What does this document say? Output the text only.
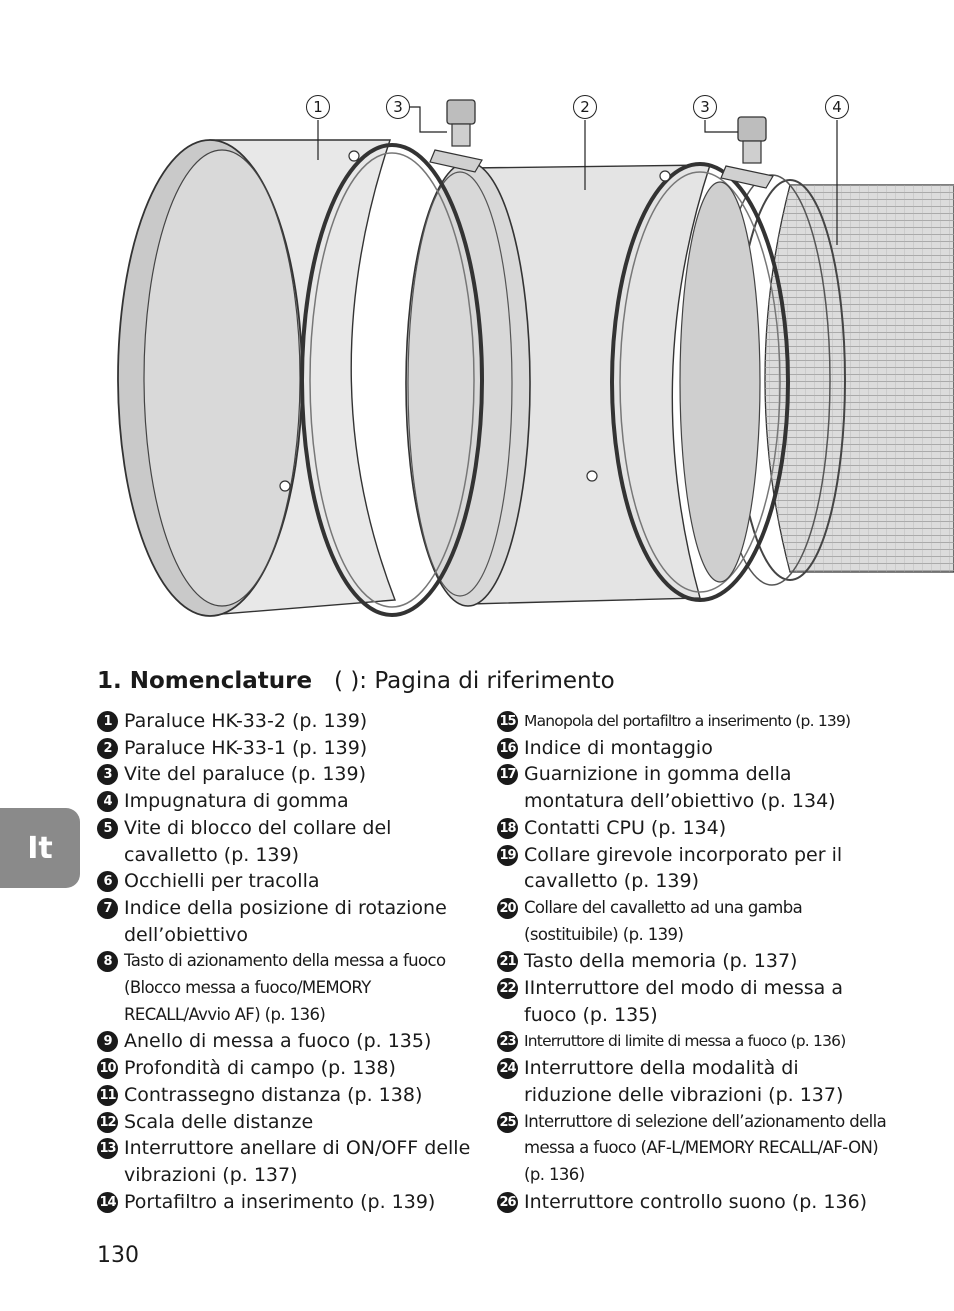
1	3	2	3	4
1. Nomenclature ( ): Pagina di riferimento
1 Paraluce HK-33-2 (p. 139)
2 Paraluce HK-33-1 (p. 139)
3 Vite del paraluce (p. 139)
4 Impugnatura di gomma
5 Vite di blocco del collare del cavalletto (p. 139)
6 Occhielli per tracolla
7 Indice della posizione di rotazione dell’obiettivo
8 Tasto di azionamento della messa a fuoco (Blocco messa a fuoco/MEMORY RECALL/Avvio AF) (p. 136)
9 Anello di messa a fuoco (p. 135)
10 Profondità di campo (p. 138)
11 Contrassegno distanza (p. 138)
12 Scala delle distanze
13 Interruttore anellare di ON/OFF delle vibrazioni (p. 137)
14 Portafiltro a inserimento (p. 139)
15 Manopola del portafiltro a inserimento (p. 139)
16 Indice di montaggio
17 Guarnizione in gomma della montatura dell’obiettivo (p. 134)
18 Contatti CPU (p. 134)
19 Collare girevole incorporato per il cavalletto (p. 139)
20 Collare del cavalletto ad una gamba (sostituibile) (p. 139)
21 Tasto della memoria (p. 137)
22 IInterruttore del modo di messa a fuoco (p. 135)
23 Interruttore di limite di messa a fuoco (p. 136)
24 Interruttore della modalità di riduzione delle vibrazioni (p. 137)
25 Interruttore di selezione dell’azionamento della messa a fuoco (AF-L/MEMORY RECALL/AF-ON) (p. 136)
26 Interruttore controllo suono (p. 136)
It
130
